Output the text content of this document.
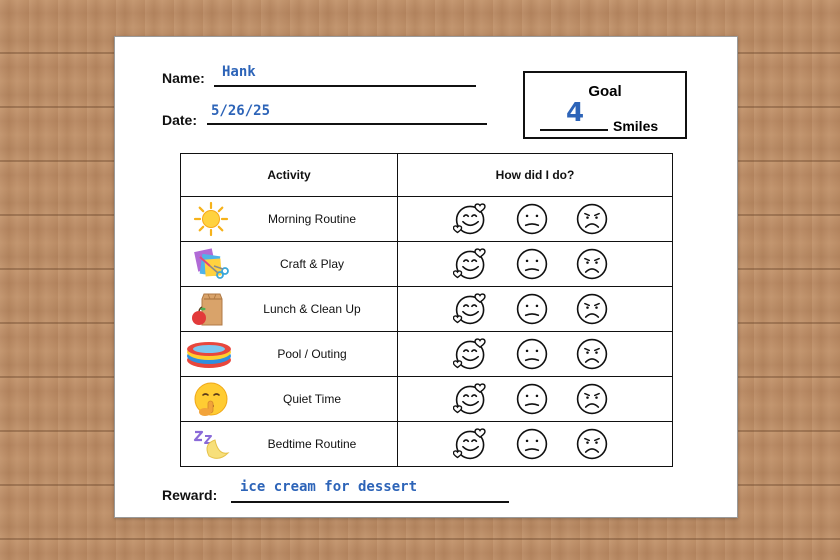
Name: Hank
Date:
5/26/25
Goal
4	Smiles
Activity	How did I do?

Morning Routine

Craft & Play

Lunch & Clean Up

Pool / Outing

Quiet Time

Bedtime Routine

Reward: ice cream for dessert
